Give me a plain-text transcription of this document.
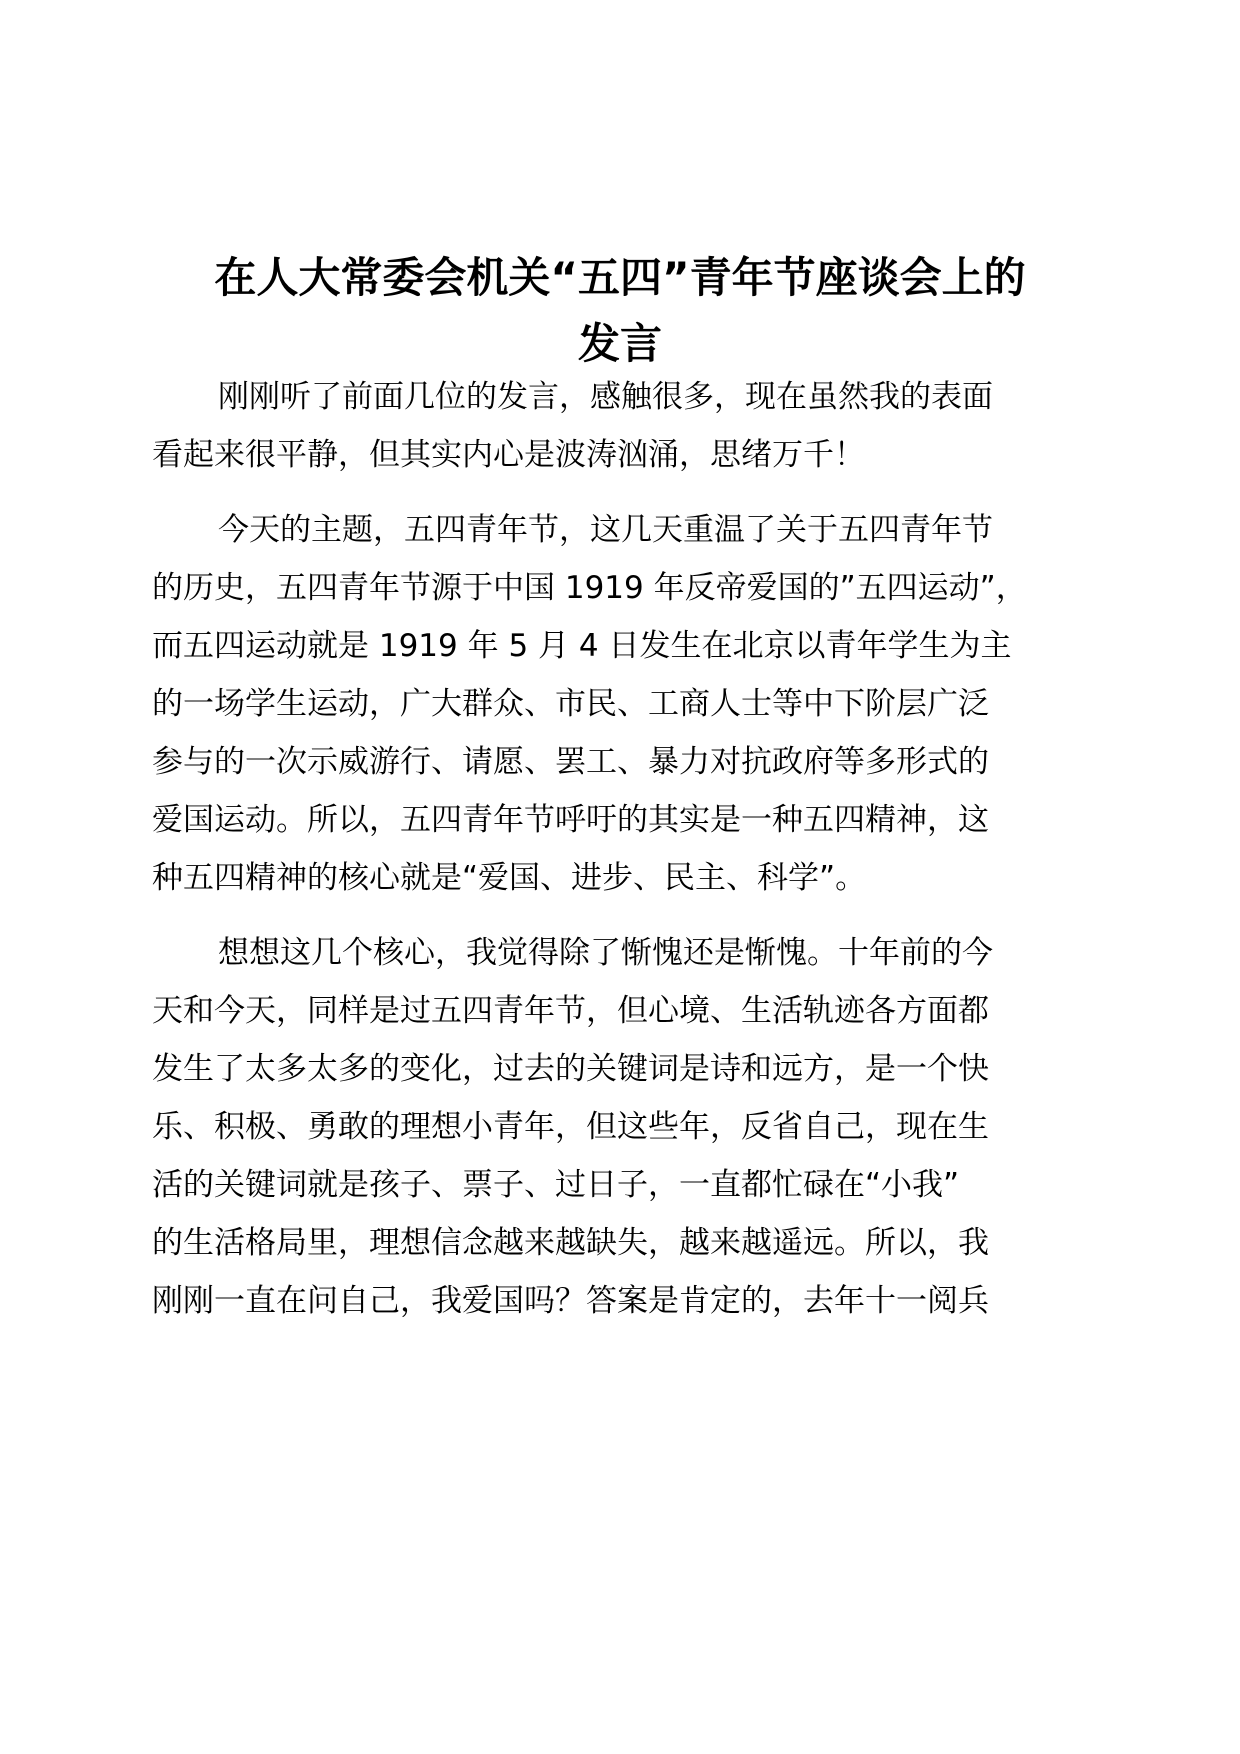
在人大常委会机关“五四”青年节座谈会上的
发言

刚刚听了前面几位的发言，感触很多，现在虽然我的表面

看起来很平静，但其实内心是波涛汹涌，思绪万千！

今天的主题，五四青年节，这几天重温了关于五四青年节

的历史，五四青年节源于中国 1919 年反帝爱国的”五四运动”，

而五四运动就是 1919 年 5 月 4 日发生在北京以青年学生为主

的一场学生运动，广大群众、市民、工商人士等中下阶层广泛

参与的一次示威游行、请愿、罢工、暴力对抗政府等多形式的

爱国运动。所以，五四青年节呼吁的其实是一种五四精神，这

种五四精神的核心就是“爱国、进步、民主、科学”。

想想这几个核心，我觉得除了惭愧还是惭愧。十年前的今

天和今天，同样是过五四青年节，但心境、生活轨迹各方面都

发生了太多太多的变化，过去的关键词是诗和远方，是一个快

乐、积极、勇敢的理想小青年，但这些年，反省自己，现在生

活的关键词就是孩子、票子、过日子，一直都忙碌在“小我”

的生活格局里，理想信念越来越缺失，越来越遥远。所以，我

刚刚一直在问自己，我爱国吗？答案是肯定的，去年十一阅兵
